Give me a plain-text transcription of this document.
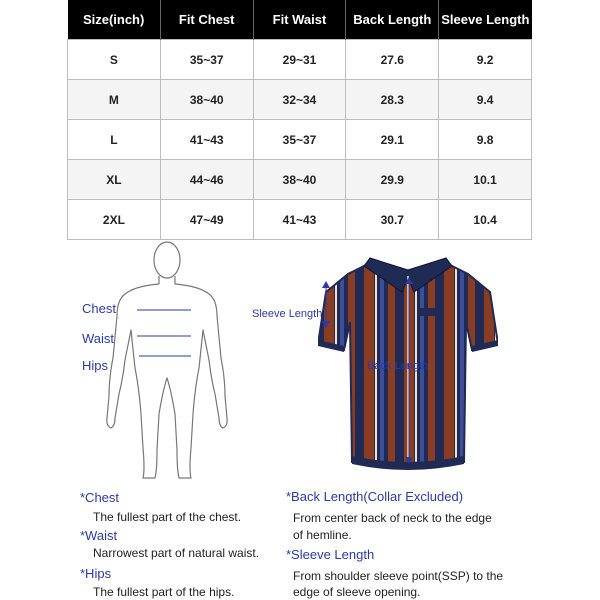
Size(inch)	Fit Chest	Fit Waist	Back Length	Sleeve Length
S	35~37	29~31	27.6	9.2
M	38~40	32~34	28.3	9.4
L	41~43	35~37	29.1	9.8
XL	44~46	38~40	29.9	10.1
2XL	47~49	41~43	30.7	10.4
Chest
Waist
Hips
Sleeve Length
Back Length
*Chest
The fullest part of the chest.
*Waist
Narrowest part of natural waist.
*Hips
The fullest part of the hips.
*Back Length(Collar Excluded)
From center back of neck to the edge
of hemline.
*Sleeve Length
From shoulder sleeve point(SSP) to the
edge of sleeve opening.
